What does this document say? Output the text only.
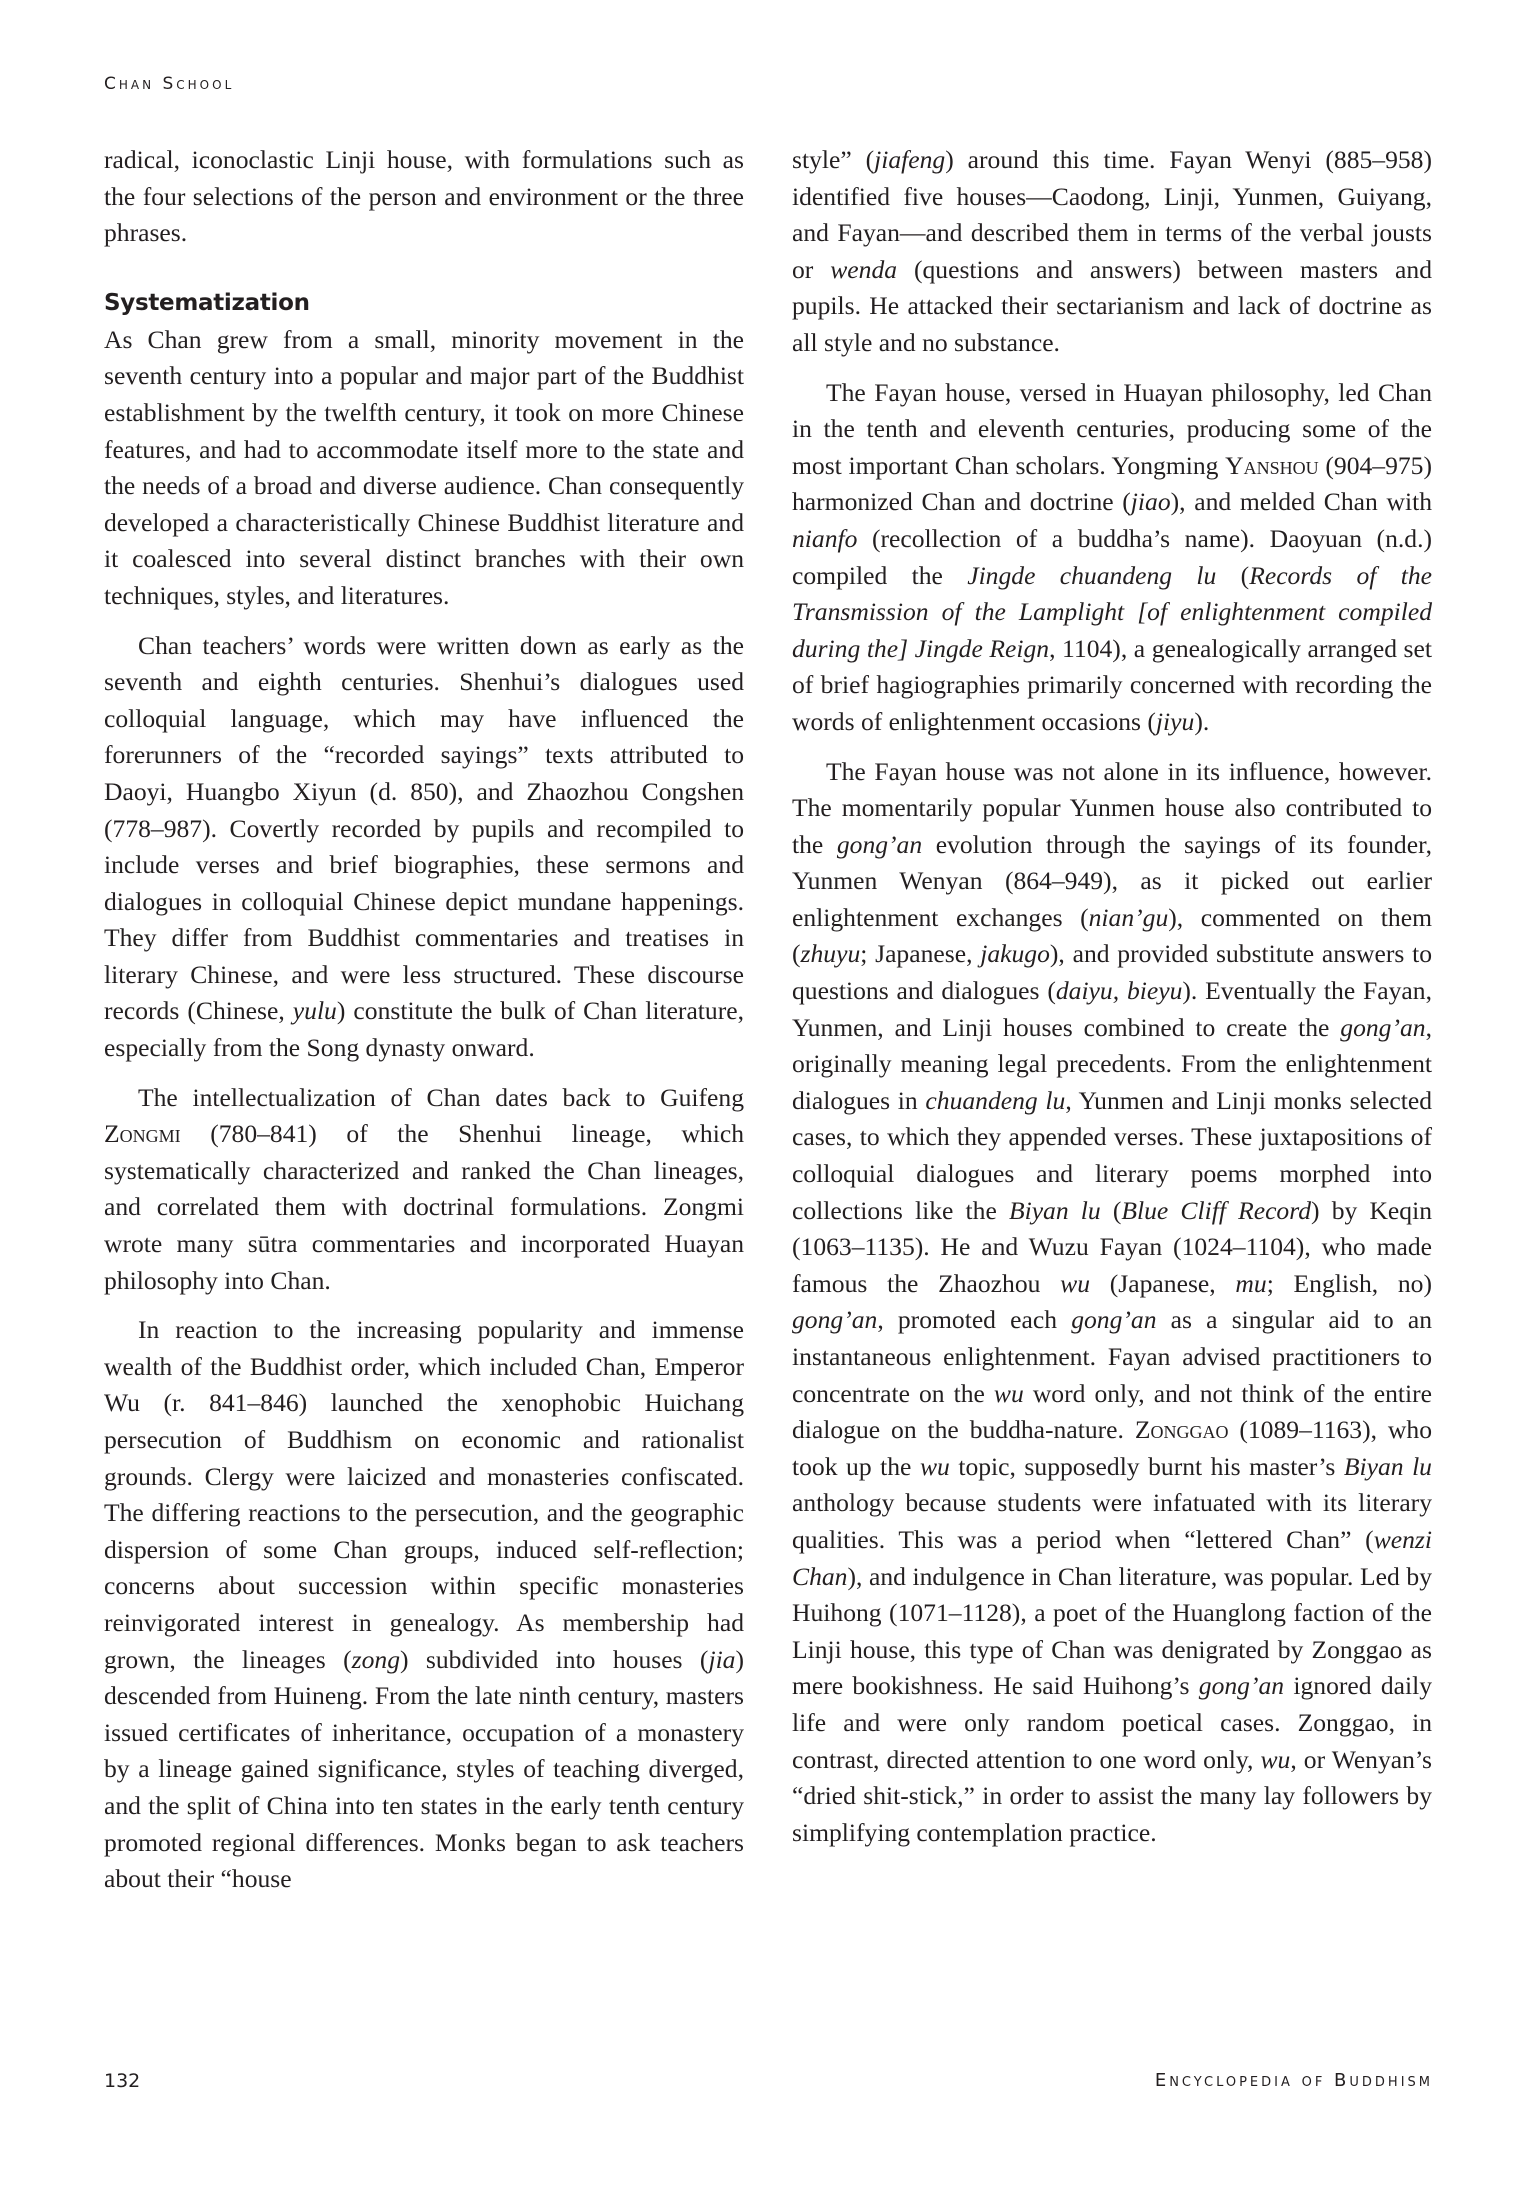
Chan School

radical, iconoclastic Linji house, with formulations such as the four selections of the person and environment or the three phrases.

Systematization

As Chan grew from a small, minority movement in the seventh century into a popular and major part of the Buddhist establishment by the twelfth century, it took on more Chinese features, and had to accommodate itself more to the state and the needs of a broad and diverse audience. Chan consequently developed a characteristically Chinese Buddhist literature and it coalesced into several distinct branches with their own techniques, styles, and literatures.

Chan teachers’ words were written down as early as the seventh and eighth centuries. Shenhui’s dialogues used colloquial language, which may have influenced the forerunners of the “recorded sayings” texts attributed to Daoyi, Huangbo Xiyun (d. 850), and Zhaozhou Congshen (778–987). Covertly recorded by pupils and recompiled to include verses and brief biographies, these sermons and dialogues in colloquial Chinese depict mundane happenings. They differ from Buddhist commentaries and treatises in literary Chinese, and were less structured. These discourse records (Chinese, yulu) constitute the bulk of Chan literature, especially from the Song dynasty onward.

The intellectualization of Chan dates back to Guifeng Zongmi (780–841) of the Shenhui lineage, which systematically characterized and ranked the Chan lineages, and correlated them with doctrinal formulations. Zongmi wrote many sūtra commentaries and incorporated Huayan philosophy into Chan.

In reaction to the increasing popularity and immense wealth of the Buddhist order, which included Chan, Emperor Wu (r. 841–846) launched the xenophobic Huichang persecution of Buddhism on economic and rationalist grounds. Clergy were laicized and monasteries confiscated. The differing reactions to the persecution, and the geographic dispersion of some Chan groups, induced self-reflection; concerns about succession within specific monasteries reinvigorated interest in genealogy. As membership had grown, the lineages (zong) subdivided into houses (jia) descended from Huineng. From the late ninth century, masters issued certificates of inheritance, occupation of a monastery by a lineage gained significance, styles of teaching diverged, and the split of China into ten states in the early tenth century promoted regional differences. Monks began to ask teachers about their “house

style” (jiafeng) around this time. Fayan Wenyi (885–958) identified five houses—Caodong, Linji, Yunmen, Guiyang, and Fayan—and described them in terms of the verbal jousts or wenda (questions and answers) between masters and pupils. He attacked their sectarianism and lack of doctrine as all style and no substance.

The Fayan house, versed in Huayan philosophy, led Chan in the tenth and eleventh centuries, producing some of the most important Chan scholars. Yongming Yanshou (904–975) harmonized Chan and doctrine (jiao), and melded Chan with nianfo (recollection of a buddha’s name). Daoyuan (n.d.) compiled the Jingde chuandeng lu (Records of the Transmission of the Lamplight [of enlightenment compiled during the] Jingde Reign, 1104), a genealogically arranged set of brief hagiographies primarily concerned with recording the words of enlightenment occasions (jiyu).

The Fayan house was not alone in its influence, however. The momentarily popular Yunmen house also contributed to the gong’an evolution through the sayings of its founder, Yunmen Wenyan (864–949), as it picked out earlier enlightenment exchanges (nian’gu), commented on them (zhuyu; Japanese, jakugo), and provided substitute answers to questions and dialogues (daiyu, bieyu). Eventually the Fayan, Yunmen, and Linji houses combined to create the gong’an, originally meaning legal precedents. From the enlightenment dialogues in chuandeng lu, Yunmen and Linji monks selected cases, to which they appended verses. These juxtapositions of colloquial dialogues and literary poems morphed into collections like the Biyan lu (Blue Cliff Record) by Keqin (1063–1135). He and Wuzu Fayan (1024–1104), who made famous the Zhaozhou wu (Japanese, mu; English, no) gong’an, promoted each gong’an as a singular aid to an instantaneous enlightenment. Fayan advised practitioners to concentrate on the wu word only, and not think of the entire dialogue on the buddha-nature. Zonggao (1089–1163), who took up the wu topic, supposedly burnt his master’s Biyan lu anthology because students were infatuated with its literary qualities. This was a period when “lettered Chan” (wenzi Chan), and indulgence in Chan literature, was popular. Led by Huihong (1071–1128), a poet of the Huanglong faction of the Linji house, this type of Chan was denigrated by Zonggao as mere bookishness. He said Huihong’s gong’an ignored daily life and were only random poetical cases. Zonggao, in contrast, directed attention to one word only, wu, or Wenyan’s “dried shit-stick,” in order to assist the many lay followers by simplifying contemplation practice.

132	Encyclopedia of Buddhism
